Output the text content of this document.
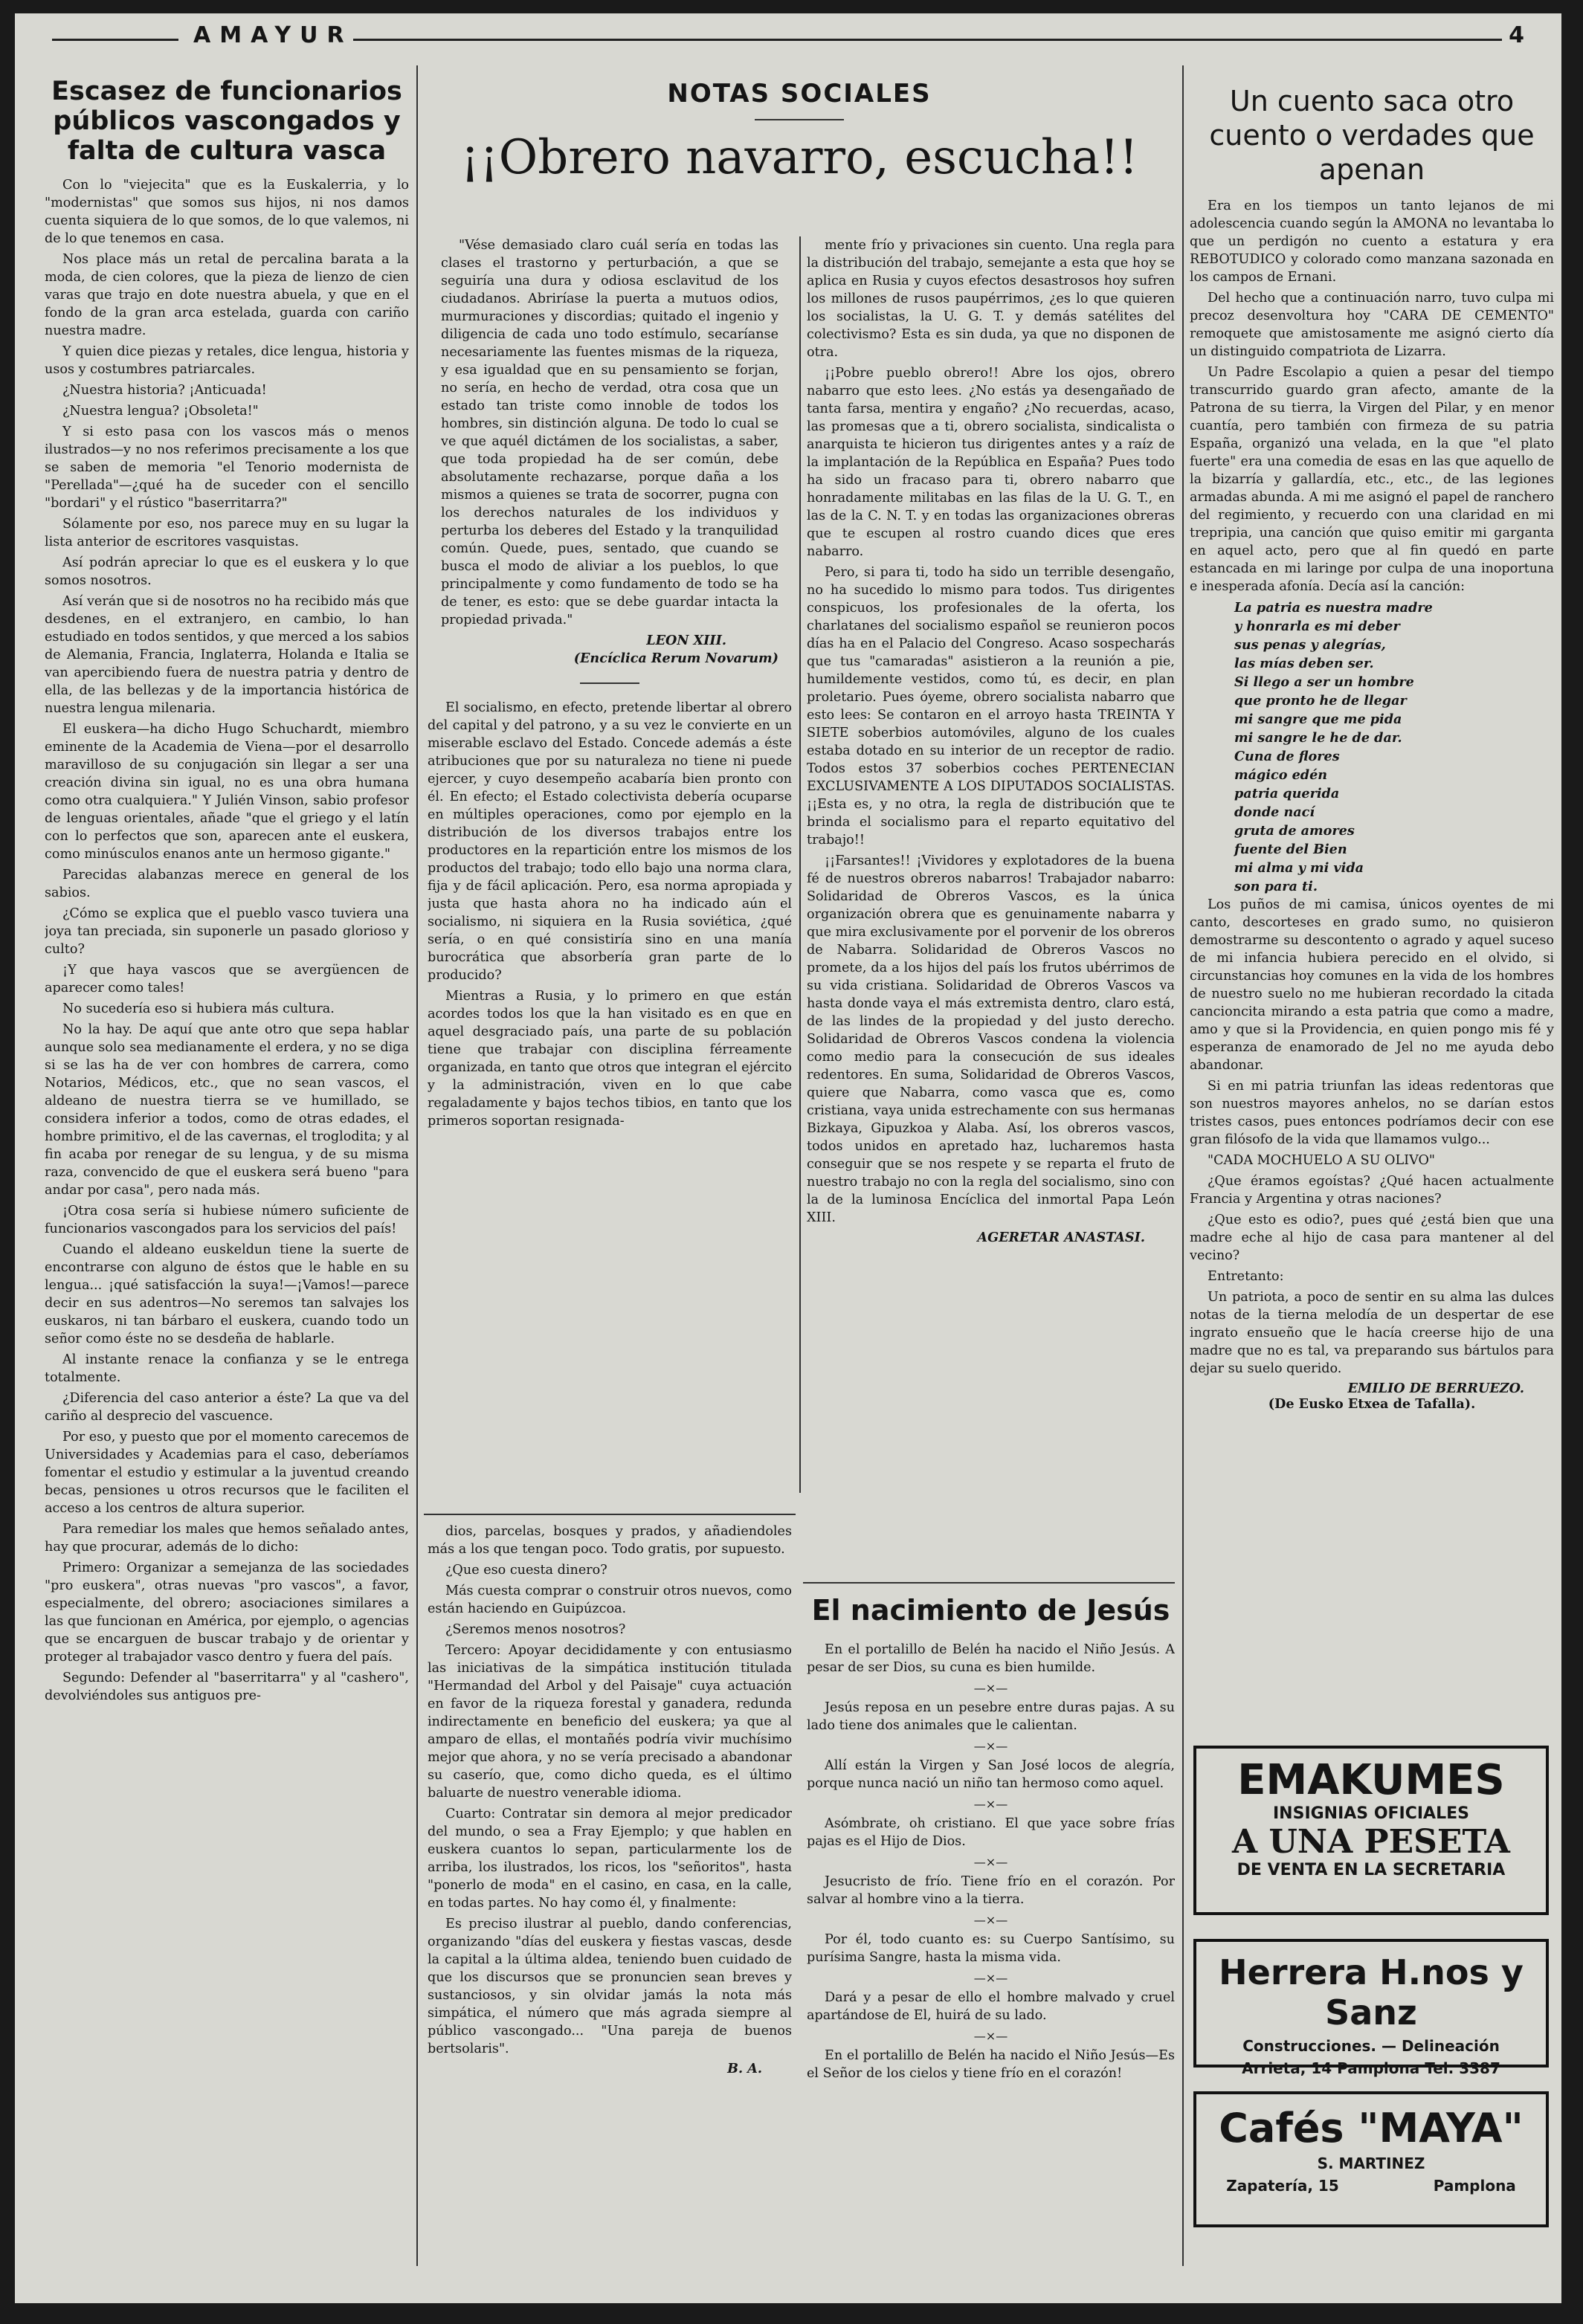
AMAYUR	4
Escasez de funcionarios públicos vascongados y falta de cultura vasca

Con lo "viejecita" que es la Euskalerria, y lo "modernistas" que somos sus hijos, ni nos damos cuenta siquiera de lo que somos, de lo que valemos, ni de lo que tenemos en casa.

Nos place más un retal de percalina barata a la moda, de cien colores, que la pieza de lienzo de cien varas que trajo en dote nuestra abuela, y que en el fondo de la gran arca estelada, guarda con cariño nuestra madre.

Y quien dice piezas y retales, dice lengua, historia y usos y costumbres patriarcales.

¿Nuestra historia? ¡Anticuada!

¿Nuestra lengua? ¡Obsoleta!"

Y si esto pasa con los vascos más o menos ilustrados—y no nos referimos precisamente a los que se saben de memoria "el Tenorio modernista de "Perellada"—¿qué ha de suceder con el sencillo "bordari" y el rústico "baserritarra?"

Sólamente por eso, nos parece muy en su lugar la lista anterior de escritores vasquistas.

Así podrán apreciar lo que es el euskera y lo que somos nosotros.

Así verán que si de nosotros no ha recibido más que desdenes, en el extranjero, en cambio, lo han estudiado en todos sentidos, y que merced a los sabios de Alemania, Francia, Inglaterra, Holanda e Italia se van apercibiendo fuera de nuestra patria y dentro de ella, de las bellezas y de la importancia histórica de nuestra lengua milenaria.

El euskera—ha dicho Hugo Schuchardt, miembro eminente de la Academia de Viena—por el desarrollo maravilloso de su conjugación sin llegar a ser una creación divina sin igual, no es una obra humana como otra cualquiera." Y Julién Vinson, sabio profesor de lenguas orientales, añade "que el griego y el latín con lo perfectos que son, aparecen ante el euskera, como minúsculos enanos ante un hermoso gigante."

Parecidas alabanzas merece en general de los sabios.

¿Cómo se explica que el pueblo vasco tuviera una joya tan preciada, sin suponerle un pasado glorioso y culto?

¡Y que haya vascos que se avergüencen de aparecer como tales!

No sucedería eso si hubiera más cultura.

No la hay. De aquí que ante otro que sepa hablar aunque solo sea medianamente el erdera, y no se diga si se las ha de ver con hombres de carrera, como Notarios, Médicos, etc., que no sean vascos, el aldeano de nuestra tierra se ve humillado, se considera inferior a todos, como de otras edades, el hombre primitivo, el de las cavernas, el troglodita; y al fin acaba por renegar de su lengua, y de su misma raza, convencido de que el euskera será bueno "para andar por casa", pero nada más.

¡Otra cosa sería si hubiese número suficiente de funcionarios vascongados para los servicios del país!

Cuando el aldeano euskeldun tiene la suerte de encontrarse con alguno de éstos que le hable en su lengua... ¡qué satisfacción la suya!—¡Vamos!—parece decir en sus adentros—No seremos tan salvajes los euskaros, ni tan bárbaro el euskera, cuando todo un señor como éste no se desdeña de hablarle.

Al instante renace la confianza y se le entrega totalmente.

¿Diferencia del caso anterior a éste? La que va del cariño al desprecio del vascuence.

Por eso, y puesto que por el momento carecemos de Universidades y Academias para el caso, deberíamos fomentar el estudio y estimular a la juventud creando becas, pensiones u otros recursos que le faciliten el acceso a los centros de altura superior.

Para remediar los males que hemos señalado antes, hay que procurar, además de lo dicho:

Primero: Organizar a semejanza de las sociedades "pro euskera", otras nuevas "pro vascos", a favor, especialmente, del obrero; asociaciones similares a las que funcionan en América, por ejemplo, o agencias que se encarguen de buscar trabajo y de orientar y proteger al trabajador vasco dentro y fuera del país.

Segundo: Defender al "baserritarra" y al "cashero", devolviéndoles sus antiguos pre-

NOTAS SOCIALES
¡¡Obrero navarro, escucha!!

"Vése demasiado claro cuál sería en todas las clases el trastorno y perturbación, a que se seguiría una dura y odiosa esclavitud de los ciudadanos. Abriríase la puerta a mutuos odios, murmuraciones y discordias; quitado el ingenio y diligencia de cada uno todo estímulo, secaríanse necesariamente las fuentes mismas de la riqueza, y esa igualdad que en su pensamiento se forjan, no sería, en hecho de verdad, otra cosa que un estado tan triste como innoble de todos los hombres, sin distinción alguna. De todo lo cual se ve que aquél dictámen de los socialistas, a saber, que toda propiedad ha de ser común, debe absolutamente rechazarse, porque daña a los mismos a quienes se trata de socorrer, pugna con los derechos naturales de los individuos y perturba los deberes del Estado y la tranquilidad común. Quede, pues, sentado, que cuando se busca el modo de aliviar a los pueblos, lo que principalmente y como fundamento de todo se ha de tener, es esto: que se debe guardar intacta la propiedad privada."

LEON XIII.
(Encíclica Rerum Novarum)

El socialismo, en efecto, pretende libertar al obrero del capital y del patrono, y a su vez le convierte en un miserable esclavo del Estado. Concede además a éste atribuciones que por su naturaleza no tiene ni puede ejercer, y cuyo desempeño acabaría bien pronto con él. En efecto; el Estado colectivista debería ocuparse en múltiples operaciones, como por ejemplo en la distribución de los diversos trabajos entre los productores en la repartición entre los mismos de los productos del trabajo; todo ello bajo una norma clara, fija y de fácil aplicación. Pero, esa norma apropiada y justa que hasta ahora no ha indicado aún el socialismo, ni siquiera en la Rusia soviética, ¿qué sería, o en qué consistiría sino en una manía burocrática que absorbería gran parte de lo producido?

Mientras a Rusia, y lo primero en que están acordes todos los que la han visitado es en que en aquel desgraciado país, una parte de su población tiene que trabajar con disciplina férreamente organizada, en tanto que otros que integran el ejército y la administración, viven en lo que cabe regaladamente y bajos techos tibios, en tanto que los primeros soportan resignada-

dios, parcelas, bosques y prados, y añadiendoles más a los que tengan poco. Todo gratis, por supuesto.

¿Que eso cuesta dinero?

Más cuesta comprar o construir otros nuevos, como están haciendo en Guipúzcoa.

¿Seremos menos nosotros?

Tercero: Apoyar decididamente y con entusiasmo las iniciativas de la simpática institución titulada "Hermandad del Arbol y del Paisaje" cuya actuación en favor de la riqueza forestal y ganadera, redunda indirectamente en beneficio del euskera; ya que al amparo de ellas, el montañés podría vivir muchísimo mejor que ahora, y no se vería precisado a abandonar su caserío, que, como dicho queda, es el último baluarte de nuestro venerable idioma.

Cuarto: Contratar sin demora al mejor predicador del mundo, o sea a Fray Ejemplo; y que hablen en euskera cuantos lo sepan, particularmente los de arriba, los ilustrados, los ricos, los "señoritos", hasta "ponerlo de moda" en el casino, en casa, en la calle, en todas partes. No hay como él, y finalmente:

Es preciso ilustrar al pueblo, dando conferencias, organizando "días del euskera y fiestas vascas, desde la capital a la última aldea, teniendo buen cuidado de que los discursos que se pronuncien sean breves y sustanciosos, y sin olvidar jamás la nota más simpática, el número que más agrada siempre al público vascongado... "Una pareja de buenos bertsolaris".

B. A.

mente frío y privaciones sin cuento. Una regla para la distribución del trabajo, semejante a esta que hoy se aplica en Rusia y cuyos efectos desastrosos hoy sufren los millones de rusos paupérrimos, ¿es lo que quieren los socialistas, la U. G. T. y demás satélites del colectivismo? Esta es sin duda, ya que no disponen de otra.

¡¡Pobre pueblo obrero!! Abre los ojos, obrero nabarro que esto lees. ¿No estás ya desengañado de tanta farsa, mentira y engaño? ¿No recuerdas, acaso, las promesas que a ti, obrero socialista, sindicalista o anarquista te hicieron tus dirigentes antes y a raíz de la implantación de la República en España? Pues todo ha sido un fracaso para ti, obrero nabarro que honradamente militabas en las filas de la U. G. T., en las de la C. N. T. y en todas las organizaciones obreras que te escupen al rostro cuando dices que eres nabarro.

Pero, si para ti, todo ha sido un terrible desengaño, no ha sucedido lo mismo para todos. Tus dirigentes conspicuos, los profesionales de la oferta, los charlatanes del socialismo español se reunieron pocos días ha en el Palacio del Congreso. Acaso sospecharás que tus "camaradas" asistieron a la reunión a pie, humildemente vestidos, como tú, es decir, en plan proletario. Pues óyeme, obrero socialista nabarro que esto lees: Se contaron en el arroyo hasta TREINTA Y SIETE soberbios automóviles, alguno de los cuales estaba dotado en su interior de un receptor de radio. Todos estos 37 soberbios coches PERTENECIAN EXCLUSIVAMENTE A LOS DIPUTADOS SOCIALISTAS. ¡¡Esta es, y no otra, la regla de distribución que te brinda el socialismo para el reparto equitativo del trabajo!!

¡¡Farsantes!! ¡Vividores y explotadores de la buena fé de nuestros obreros nabarros! Trabajador nabarro: Solidaridad de Obreros Vascos, es la única organización obrera que es genuinamente nabarra y que mira exclusivamente por el porvenir de los obreros de Nabarra. Solidaridad de Obreros Vascos no promete, da a los hijos del país los frutos ubérrimos de su vida cristiana. Solidaridad de Obreros Vascos va hasta donde vaya el más extremista dentro, claro está, de las lindes de la propiedad y del justo derecho. Solidaridad de Obreros Vascos condena la violencia como medio para la consecución de sus ideales redentores. En suma, Solidaridad de Obreros Vascos, quiere que Nabarra, como vasca que es, como cristiana, vaya unida estrechamente con sus hermanas Bizkaya, Gipuzkoa y Alaba. Así, los obreros vascos, todos unidos en apretado haz, lucharemos hasta conseguir que se nos respete y se reparta el fruto de nuestro trabajo no con la regla del socialismo, sino con la de la luminosa Encíclica del inmortal Papa León XIII.

AGERETAR ANASTASI.
El nacimiento de Jesús

En el portalillo de Belén ha nacido el Niño Jesús. A pesar de ser Dios, su cuna es bien humilde.

—×—

Jesús reposa en un pesebre entre duras pajas. A su lado tiene dos animales que le calientan.

—×—

Allí están la Virgen y San José locos de alegría, porque nunca nació un niño tan hermoso como aquel.

—×—

Asómbrate, oh cristiano. El que yace sobre frías pajas es el Hijo de Dios.

—×—

Jesucristo de frío. Tiene frío en el corazón. Por salvar al hombre vino a la tierra.

—×—

Por él, todo cuanto es: su Cuerpo Santísimo, su purísima Sangre, hasta la misma vida.

—×—

Dará y a pesar de ello el hombre malvado y cruel apartándose de El, huirá de su lado.

—×—

En el portalillo de Belén ha nacido el Niño Jesús—Es el Señor de los cielos y tiene frío en el corazón!

Un cuento saca otro cuento o verdades que apenan

Era en los tiempos un tanto lejanos de mi adolescencia cuando según la AMONA no levantaba lo que un perdigón no cuento a estatura y era REBOTUDICO y colorado como manzana sazonada en los campos de Ernani.

Del hecho que a continuación narro, tuvo culpa mi precoz desenvoltura hoy "CARA DE CEMENTO" remoquete que amistosamente me asignó cierto día un distinguido compatriota de Lizarra.

Un Padre Escolapio a quien a pesar del tiempo transcurrido guardo gran afecto, amante de la Patrona de su tierra, la Virgen del Pilar, y en menor cuantía, pero también con firmeza de su patria España, organizó una velada, en la que "el plato fuerte" era una comedia de esas en las que aquello de la bizarría y gallardía, etc., etc., de las legiones armadas abunda. A mi me asignó el papel de ranchero del regimiento, y recuerdo con una claridad en mi trepripia, una canción que quiso emitir mi garganta en aquel acto, pero que al fin quedó en parte estancada en mi laringe por culpa de una inoportuna e inesperada afonía. Decía así la canción:

La patria es nuestra madre
y honrarla es mi deber
sus penas y alegrías,
las mías deben ser.
Si llego a ser un hombre
que pronto he de llegar
mi sangre que me pida
mi sangre le he de dar.
Cuna de flores
mágico edén
patria querida
donde nací
gruta de amores
fuente del Bien
mi alma y mi vida
son para ti.

Los puños de mi camisa, únicos oyentes de mi canto, descorteses en grado sumo, no quisieron demostrarme su descontento o agrado y aquel suceso de mi infancia hubiera perecido en el olvido, si circunstancias hoy comunes en la vida de los hombres de nuestro suelo no me hubieran recordado la citada cancioncita mirando a esta patria que como a madre, amo y que si la Providencia, en quien pongo mis fé y esperanza de enamorado de Jel no me ayuda debo abandonar.

Si en mi patria triunfan las ideas redentoras que son nuestros mayores anhelos, no se darían estos tristes casos, pues entonces podríamos decir con ese gran filósofo de la vida que llamamos vulgo...

"CADA MOCHUELO A SU OLIVO"

¿Que éramos egoístas? ¿Qué hacen actualmente Francia y Argentina y otras naciones?

¿Que esto es odio?, pues qué ¿está bien que una madre eche al hijo de casa para mantener al del vecino?

Entretanto:

Un patriota, a poco de sentir en su alma las dulces notas de la tierna melodía de un despertar de ese ingrato ensueño que le hacía creerse hijo de una madre que no es tal, va preparando sus bártulos para dejar su suelo querido.

EMILIO DE BERRUEZO.
(De Eusko Etxea de Tafalla).
EMAKUMES
INSIGNIAS OFICIALES
A UNA PESETA
DE VENTA EN LA SECRETARIA
Herrera H.nos y Sanz
Construcciones. — Delineación
Arrieta, 14 Pamplona Tel. 3387
Cafés "MAYA"
S. MARTINEZ
Zapatería, 15	Pamplona
